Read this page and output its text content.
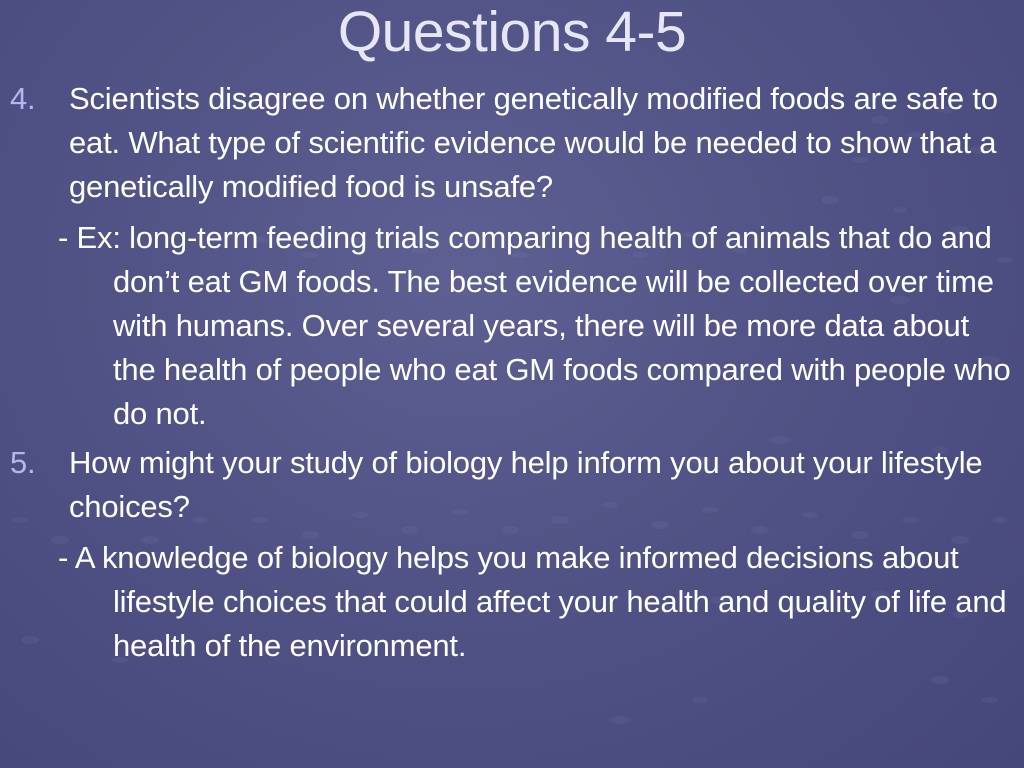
Questions 4-5
4. Scientists disagree on whether genetically modified foods are safe to eat. What type of scientific evidence would be needed to show that a genetically modified food is unsafe?
- Ex: long-term feeding trials comparing health of animals that do and don’t eat GM foods. The best evidence will be collected over time with humans. Over several years, there will be more data about the health of people who eat GM foods compared with people who do not.
5. How might your study of biology help inform you about your lifestyle choices?
- A knowledge of biology helps you make informed decisions about lifestyle choices that could affect your health and quality of life and health of the environment.
